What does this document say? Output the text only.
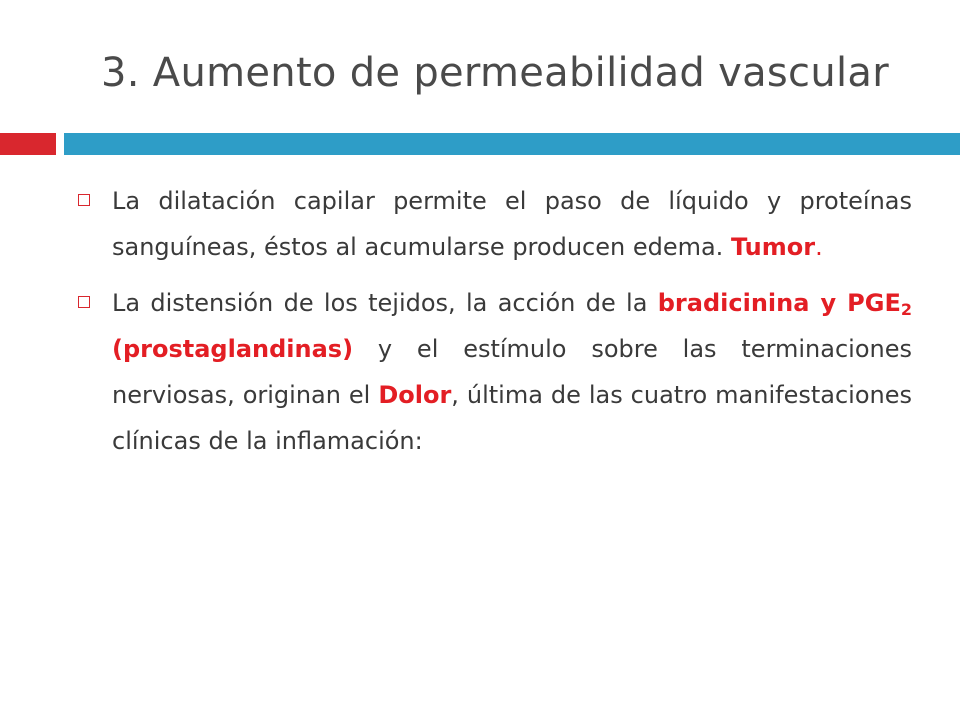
3. Aumento de permeabilidad vascular
La dilatación capilar permite el paso de líquido y proteínas sanguíneas, éstos al acumularse producen edema. Tumor.
La distensión de los tejidos, la acción de la bradicinina y $PGE_2$ (prostaglandinas) y el estímulo sobre las terminaciones nerviosas, originan el Dolor, última de las cuatro manifestaciones clínicas de la inflamación:
